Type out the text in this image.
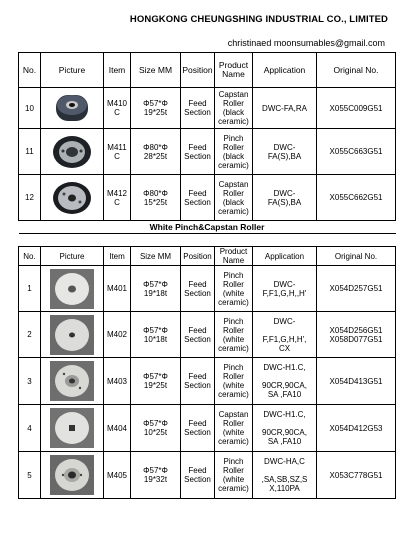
HONGKONG CHEUNGSHING INDUSTRIAL CO., LIMITED
christinaed moonsumables@gmail.com
No.	Picture	Item	Size MM	Position	Product
Name	Application	Original No.
10		M410C	Φ57*Φ
19*25t	Feed
Section	Capstan
Roller
(black
ceramic)	DWC-FA,RA	X055C009G51
11		M411C	Φ80*Φ
28*25t	Feed
Section	Pinch
Roller
(black
ceramic)	DWC-
FA(S),BA	X055C663G51
12		M412C	Φ80*Φ
15*25t	Feed
Section	Capstan
Roller
(black
ceramic)	DWC-
FA(S),BA	X055C662G51
White Pinch&Capstan Roller							
No.	Picture	Item	Size MM	Position	Product
Name	Application	Original No.
1		M401	Φ57*Φ
19*18t	Feed
Section	Pinch
Roller
(white
ceramic)	DWC-
F,F1,G,H,,H'	X054D257G51
2		M402	Φ57*Φ
10*18t	Feed
Section	Pinch
Roller
(white
ceramic)	DWC-

F,F1,G,H,H',
CX	X054D256G51
X058D077G51
3		M403	Φ57*Φ
19*25t	Feed
Section	Pinch
Roller
(white
ceramic)	DWC-H1.C,

90CR,90CA,
SA ,FA10	X054D413G51
4		M404	Φ57*Φ
10*25t	Feed
Section	Capstan
Roller
(white
ceramic)	DWC-H1.C,

90CR,90CA,
SA ,FA10	X054D412G53
5		M405	Φ57*Φ
19*32t	Feed
Section	Pinch
Roller
(white
ceramic)	DWC-HA,C

,SA,SB,SZ,S
X,110PA	X053C778G51
